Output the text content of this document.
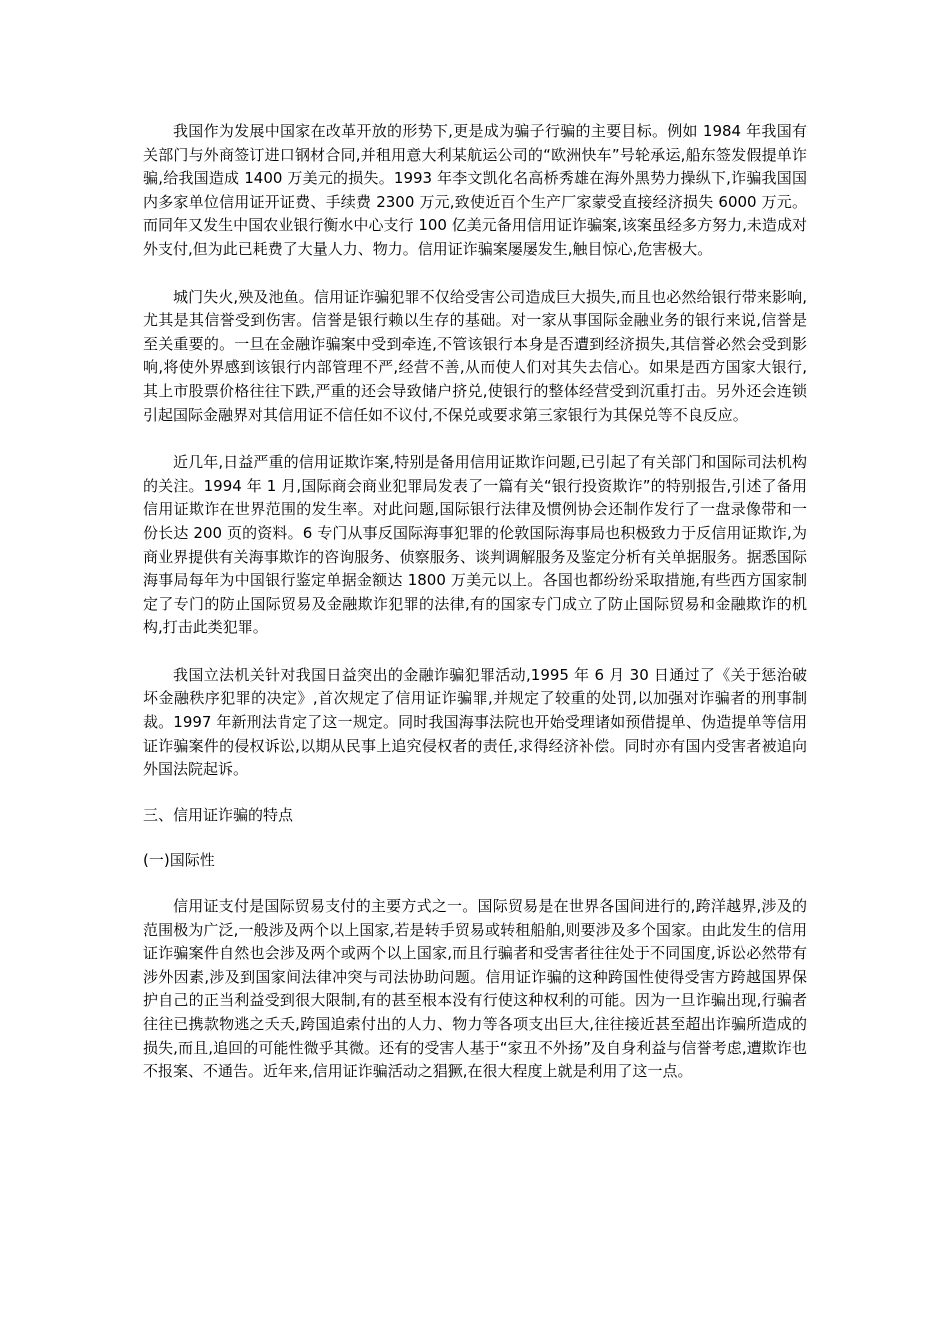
我国作为发展中国家在改革开放的形势下,更是成为骗子行骗的主要目标。例如 1984 年我国有关部门与外商签订进口钢材合同,并租用意大利某航运公司的“欧洲快车”号轮承运,船东签发假提单诈骗,给我国造成 1400 万美元的损失。1993 年李文凯化名高桥秀雄在海外黑势力操纵下,诈骗我国国内多家单位信用证开证费、手续费 2300 万元,致使近百个生产厂家蒙受直接经济损失 6000 万元。而同年又发生中国农业银行衡水中心支行 100 亿美元备用信用证诈骗案,该案虽经多方努力,未造成对外支付,但为此已耗费了大量人力、物力。信用证诈骗案屡屡发生,触目惊心,危害极大。

城门失火,殃及池鱼。信用证诈骗犯罪不仅给受害公司造成巨大损失,而且也必然给银行带来影响,尤其是其信誉受到伤害。信誉是银行赖以生存的基础。对一家从事国际金融业务的银行来说,信誉是至关重要的。一旦在金融诈骗案中受到牵连,不管该银行本身是否遭到经济损失,其信誉必然会受到影响,将使外界感到该银行内部管理不严,经营不善,从而使人们对其失去信心。如果是西方国家大银行,其上市股票价格往往下跌,严重的还会导致储户挤兑,使银行的整体经营受到沉重打击。另外还会连锁引起国际金融界对其信用证不信任如不议付,不保兑或要求第三家银行为其保兑等不良反应。

近几年,日益严重的信用证欺诈案,特别是备用信用证欺诈问题,已引起了有关部门和国际司法机构的关注。1994 年 1 月,国际商会商业犯罪局发表了一篇有关“银行投资欺诈”的特别报告,引述了备用信用证欺诈在世界范围的发生率。对此问题,国际银行法律及惯例协会还制作发行了一盘录像带和一份长达 200 页的资料。6 专门从事反国际海事犯罪的伦敦国际海事局也积极致力于反信用证欺诈,为商业界提供有关海事欺诈的咨询服务、侦察服务、谈判调解服务及鉴定分析有关单据服务。据悉国际海事局每年为中国银行鉴定单据金额达 1800 万美元以上。各国也都纷纷采取措施,有些西方国家制定了专门的防止国际贸易及金融欺诈犯罪的法律,有的国家专门成立了防止国际贸易和金融欺诈的机构,打击此类犯罪。

我国立法机关针对我国日益突出的金融诈骗犯罪活动,1995 年 6 月 30 日通过了《关于惩治破坏金融秩序犯罪的决定》,首次规定了信用证诈骗罪,并规定了较重的处罚,以加强对诈骗者的刑事制裁。1997 年新刑法肯定了这一规定。同时我国海事法院也开始受理诸如预借提单、伪造提单等信用证诈骗案件的侵权诉讼,以期从民事上追究侵权者的责任,求得经济补偿。同时亦有国内受害者被追向外国法院起诉。

三、信用证诈骗的特点

(一)国际性

信用证支付是国际贸易支付的主要方式之一。国际贸易是在世界各国间进行的,跨洋越界,涉及的范围极为广泛,一般涉及两个以上国家,若是转手贸易或转租船舶,则要涉及多个国家。由此发生的信用证诈骗案件自然也会涉及两个或两个以上国家,而且行骗者和受害者往往处于不同国度,诉讼必然带有涉外因素,涉及到国家间法律冲突与司法协助问题。信用证诈骗的这种跨国性使得受害方跨越国界保护自己的正当利益受到很大限制,有的甚至根本没有行使这种权利的可能。因为一旦诈骗出现,行骗者往往已携款物逃之夭夭,跨国追索付出的人力、物力等各项支出巨大,往往接近甚至超出诈骗所造成的损失,而且,追回的可能性微乎其微。还有的受害人基于“家丑不外扬”及自身利益与信誉考虑,遭欺诈也不报案、不通告。近年来,信用证诈骗活动之猖獗,在很大程度上就是利用了这一点。
